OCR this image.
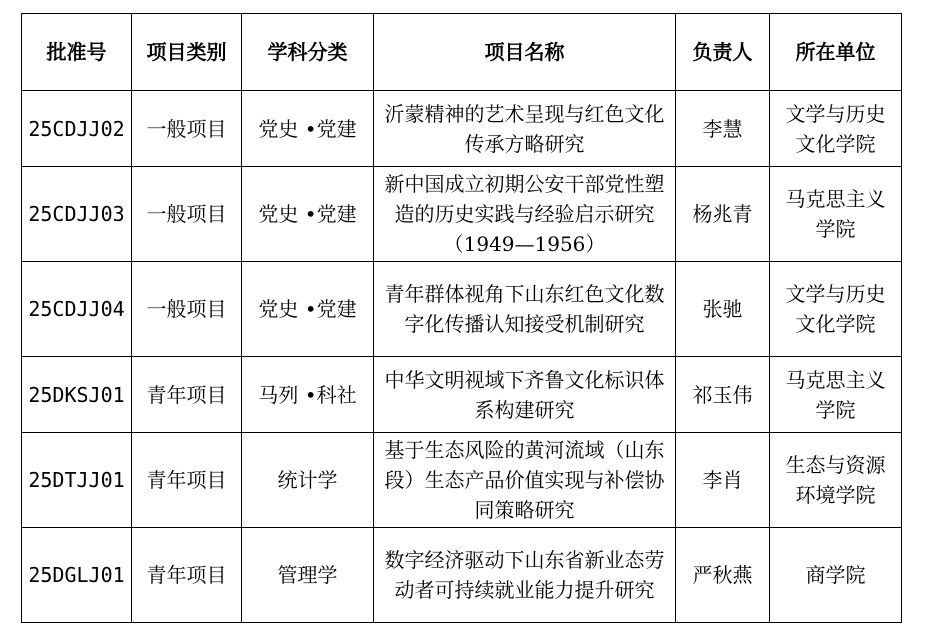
批准号	项目类别	学科分类	项目名称	负责人	所在单位
25CDJJ02	一般项目	党史 •党建	沂蒙精神的艺术呈现与红色文化传承方略研究	李慧	文学与历史文化学院
25CDJJ03	一般项目	党史 •党建	新中国成立初期公安干部党性塑造的历史实践与经验启示研究（1949—1956）	杨兆青	马克思主义学院
25CDJJ04	一般项目	党史 •党建	青年群体视角下山东红色文化数字化传播认知接受机制研究	张驰	文学与历史文化学院
25DKSJ01	青年项目	马列 •科社	中华文明视域下齐鲁文化标识体系构建研究	祁玉伟	马克思主义学院
25DTJJ01	青年项目	统计学	基于生态风险的黄河流域（山东段）生态产品价值实现与补偿协同策略研究	李肖	生态与资源环境学院
25DGLJ01	青年项目	管理学	数字经济驱动下山东省新业态劳动者可持续就业能力提升研究	严秋燕	商学院
